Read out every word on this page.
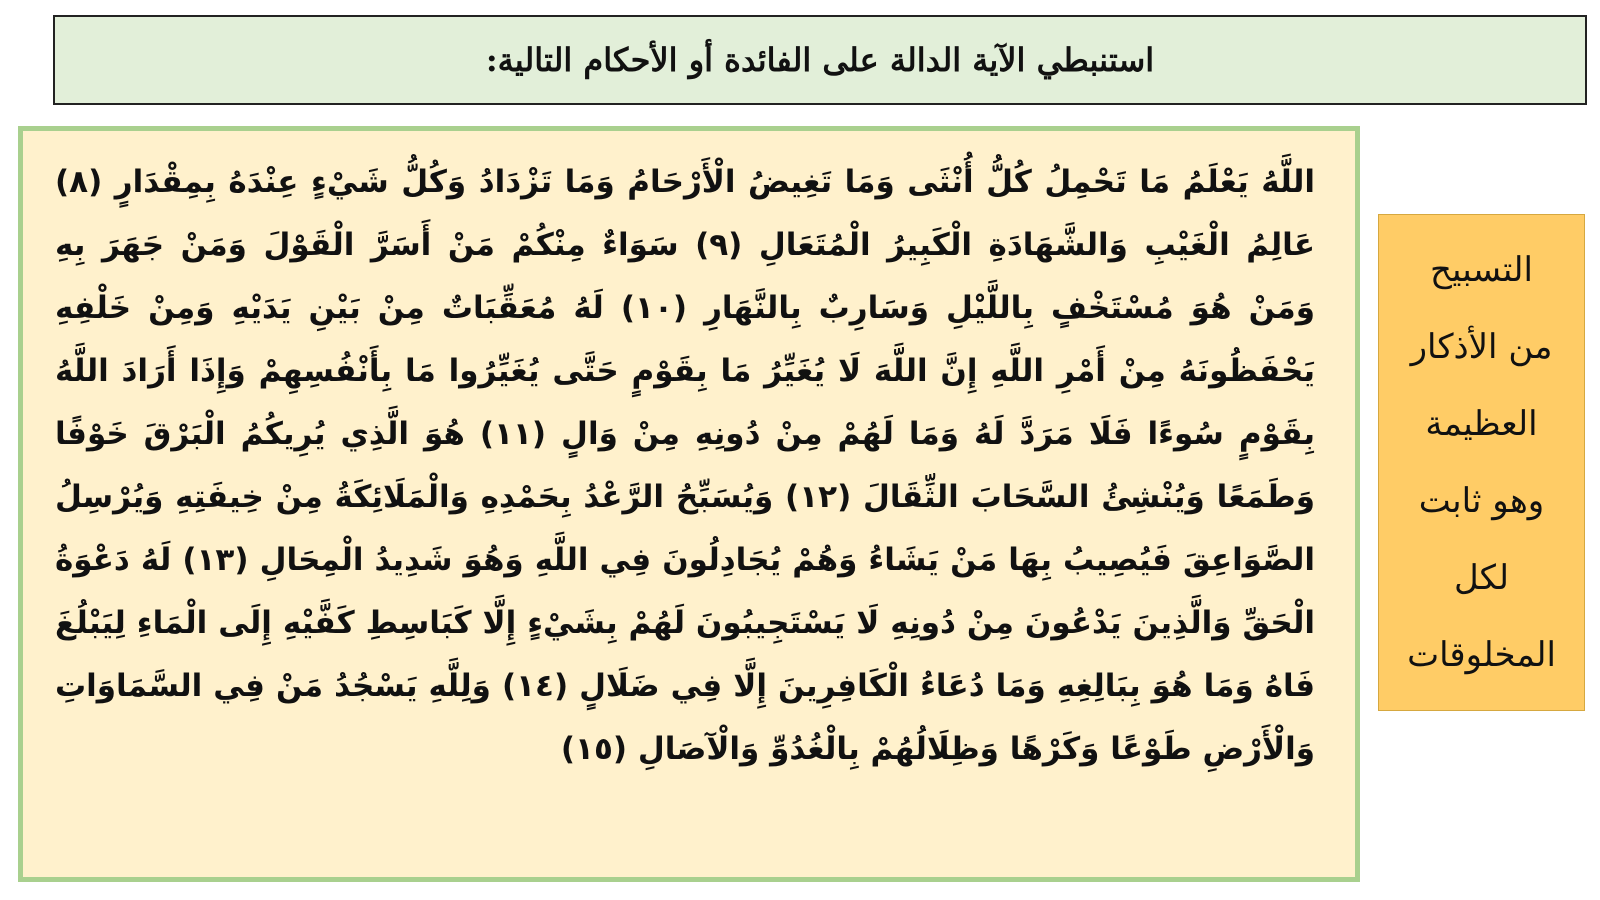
استنبطي الآية الدالة على الفائدة أو الأحكام التالية:

اللَّهُ يَعْلَمُ مَا تَحْمِلُ كُلُّ أُنْثَى وَمَا تَغِيضُ الْأَرْحَامُ وَمَا تَزْدَادُ وَكُلُّ شَيْءٍ عِنْدَهُ بِمِقْدَارٍ (٨) عَالِمُ الْغَيْبِ وَالشَّهَادَةِ الْكَبِيرُ الْمُتَعَالِ (٩) سَوَاءٌ مِنْكُمْ مَنْ أَسَرَّ الْقَوْلَ وَمَنْ جَهَرَ بِهِ وَمَنْ هُوَ مُسْتَخْفٍ بِاللَّيْلِ وَسَارِبٌ بِالنَّهَارِ (١٠) لَهُ مُعَقِّبَاتٌ مِنْ بَيْنِ يَدَيْهِ وَمِنْ خَلْفِهِ يَحْفَظُونَهُ مِنْ أَمْرِ اللَّهِ إِنَّ اللَّهَ لَا يُغَيِّرُ مَا بِقَوْمٍ حَتَّى يُغَيِّرُوا مَا بِأَنْفُسِهِمْ وَإِذَا أَرَادَ اللَّهُ بِقَوْمٍ سُوءًا فَلَا مَرَدَّ لَهُ وَمَا لَهُمْ مِنْ دُونِهِ مِنْ وَالٍ (١١) هُوَ الَّذِي يُرِيكُمُ الْبَرْقَ خَوْفًا وَطَمَعًا وَيُنْشِئُ السَّحَابَ الثِّقَالَ (١٢) وَيُسَبِّحُ الرَّعْدُ بِحَمْدِهِ وَالْمَلَائِكَةُ مِنْ خِيفَتِهِ وَيُرْسِلُ الصَّوَاعِقَ فَيُصِيبُ بِهَا مَنْ يَشَاءُ وَهُمْ يُجَادِلُونَ فِي اللَّهِ وَهُوَ شَدِيدُ الْمِحَالِ (١٣) لَهُ دَعْوَةُ الْحَقِّ وَالَّذِينَ يَدْعُونَ مِنْ دُونِهِ لَا يَسْتَجِيبُونَ لَهُمْ بِشَيْءٍ إِلَّا كَبَاسِطِ كَفَّيْهِ إِلَى الْمَاءِ لِيَبْلُغَ فَاهُ وَمَا هُوَ بِبَالِغِهِ وَمَا دُعَاءُ الْكَافِرِينَ إِلَّا فِي ضَلَالٍ (١٤) وَلِلَّهِ يَسْجُدُ مَنْ فِي السَّمَاوَاتِ وَالْأَرْضِ طَوْعًا وَكَرْهًا وَظِلَالُهُمْ بِالْغُدُوِّ وَالْآصَالِ (١٥)

التسبيح
من الأذكار
العظيمة
وهو ثابت
لكل
المخلوقات
